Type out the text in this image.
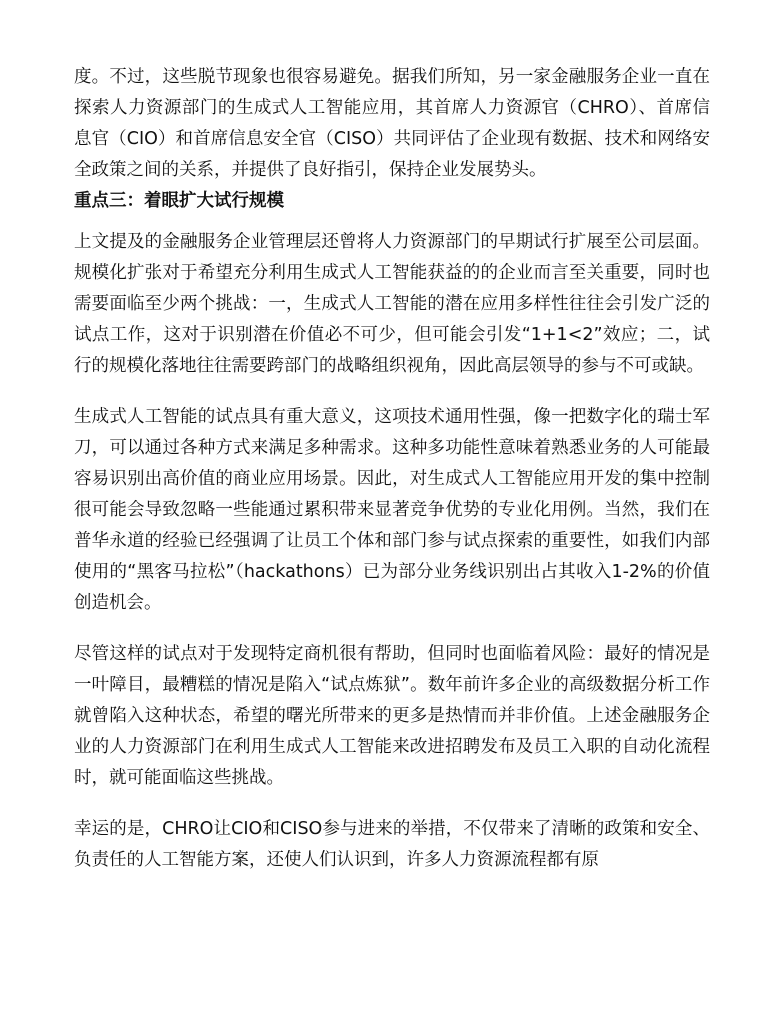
度。不过，这些脱节现象也很容易避免。据我们所知，另一家金融服务企业一直在探索人力资源部门的生成式人工智能应用，其首席人力资源官（CHRO）、首席信息官（CIO）和首席信息安全官（CISO）共同评估了企业现有数据、技术和网络安全政策之间的关系，并提供了良好指引，保持企业发展势头。

重点三：着眼扩大试行规模

上文提及的金融服务企业管理层还曾将人力资源部门的早期试行扩展至公司层面。规模化扩张对于希望充分利用生成式人工智能获益的的企业而言至关重要，同时也需要面临至少两个挑战：一，生成式人工智能的潜在应用多样性往往会引发广泛的试点工作，这对于识别潜在价值必不可少，但可能会引发“1+1<2”效应；二，试行的规模化落地往往需要跨部门的战略组织视角，因此高层领导的参与不可或缺。

生成式人工智能的试点具有重大意义，这项技术通用性强，像一把数字化的瑞士军刀，可以通过各种方式来满足多种需求。这种多功能性意味着熟悉业务的人可能最容易识别出高价值的商业应用场景。因此，对生成式人工智能应用开发的集中控制很可能会导致忽略一些能通过累积带来显著竞争优势的专业化用例。当然，我们在普华永道的经验已经强调了让员工个体和部门参与试点探索的重要性，如我们内部使用的“黑客马拉松”（hackathons）已为部分业务线识别出占其收入1-2%的价值创造机会。

尽管这样的试点对于发现特定商机很有帮助，但同时也面临着风险：最好的情况是一叶障目，最糟糕的情况是陷入“试点炼狱”。数年前许多企业的高级数据分析工作就曾陷入这种状态，希望的曙光所带来的更多是热情而并非价值。上述金融服务企业的人力资源部门在利用生成式人工智能来改进招聘发布及员工入职的自动化流程时，就可能面临这些挑战。

幸运的是，CHRO让CIO和CISO参与进来的举措，不仅带来了清晰的政策和安全、负责任的人工智能方案，还使人们认识到，许多人力资源流程都有原
